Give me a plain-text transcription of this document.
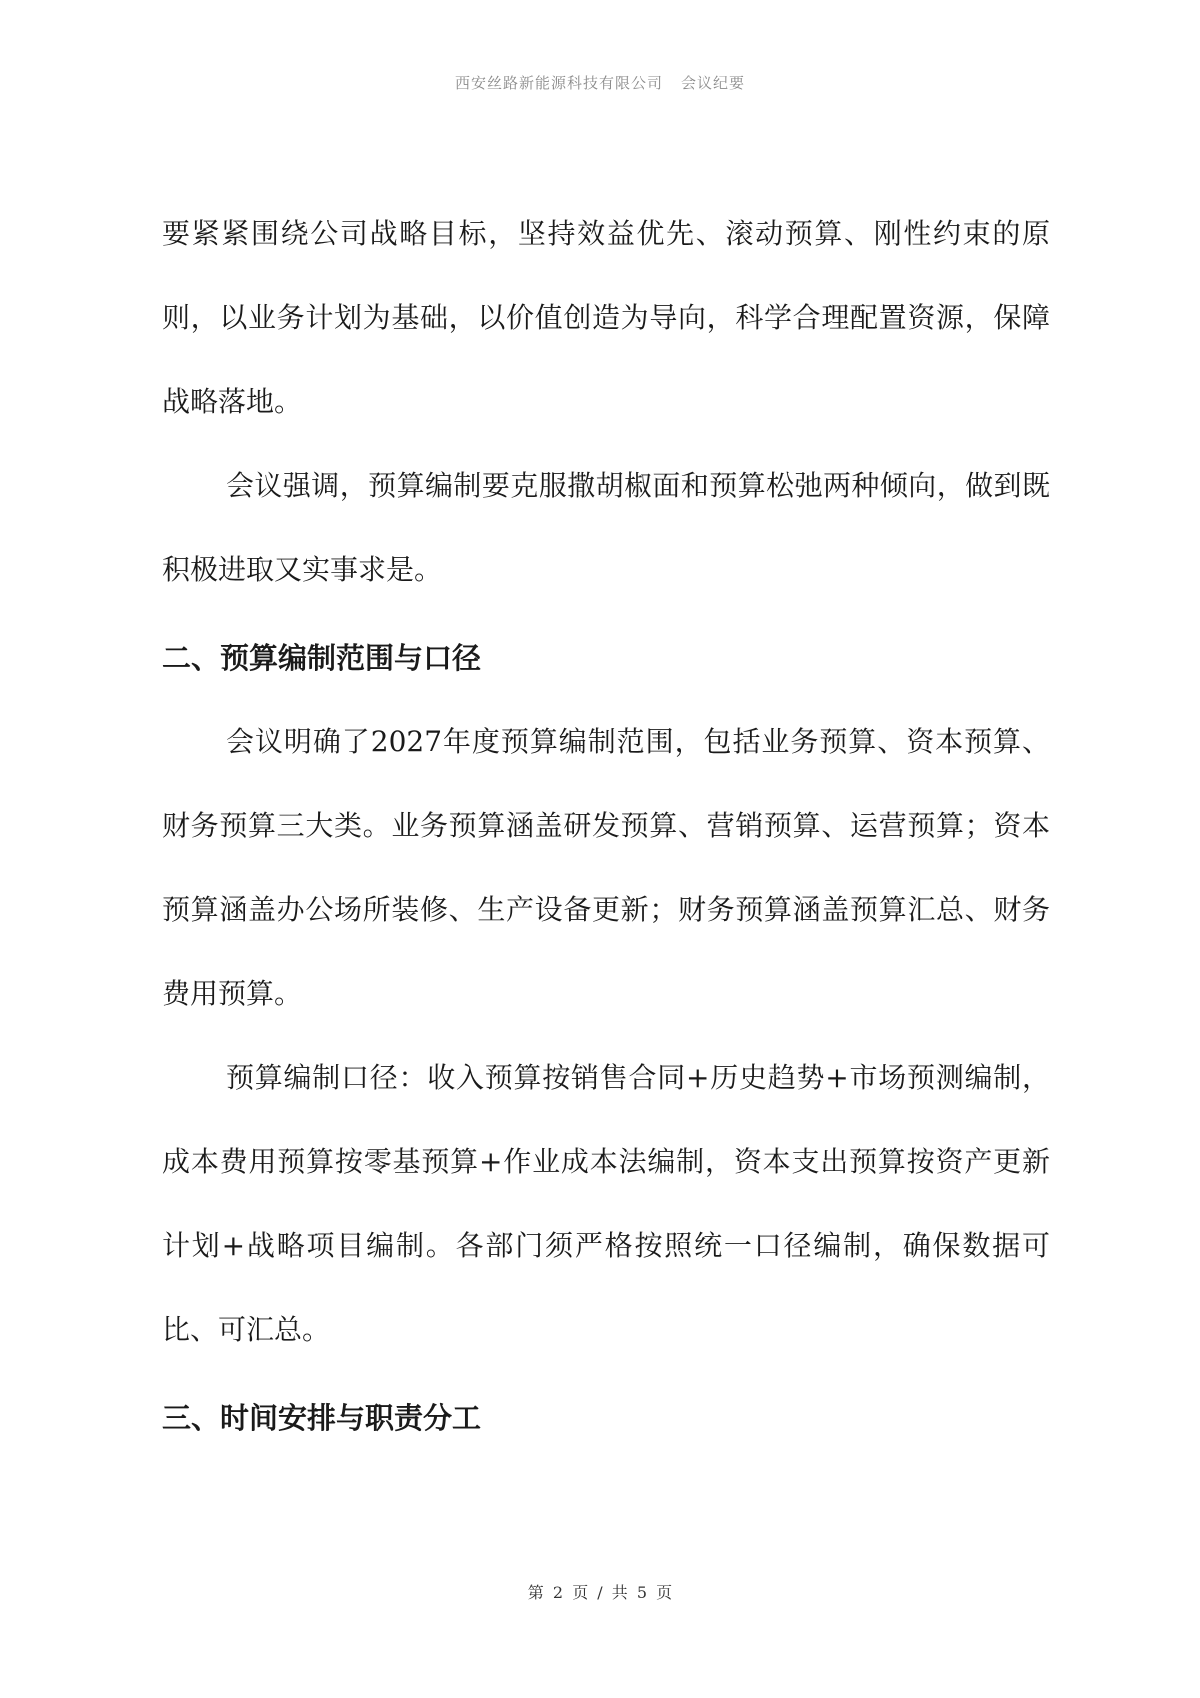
西安丝路新能源科技有限公司 会议纪要

要紧紧围绕公司战略目标，坚持效益优先、滚动预算、刚性约束的原则，以业务计划为基础，以价值创造为导向，科学合理配置资源，保障战略落地。

会议强调，预算编制要克服撒胡椒面和预算松弛两种倾向，做到既积极进取又实事求是。

二、预算编制范围与口径

会议明确了2027年度预算编制范围，包括业务预算、资本预算、财务预算三大类。业务预算涵盖研发预算、营销预算、运营预算；资本预算涵盖办公场所装修、生产设备更新；财务预算涵盖预算汇总、财务费用预算。

预算编制口径：收入预算按销售合同+历史趋势+市场预测编制，成本费用预算按零基预算+作业成本法编制，资本支出预算按资产更新计划+战略项目编制。各部门须严格按照统一口径编制，确保数据可比、可汇总。

三、时间安排与职责分工
第 2 页 / 共 5 页
